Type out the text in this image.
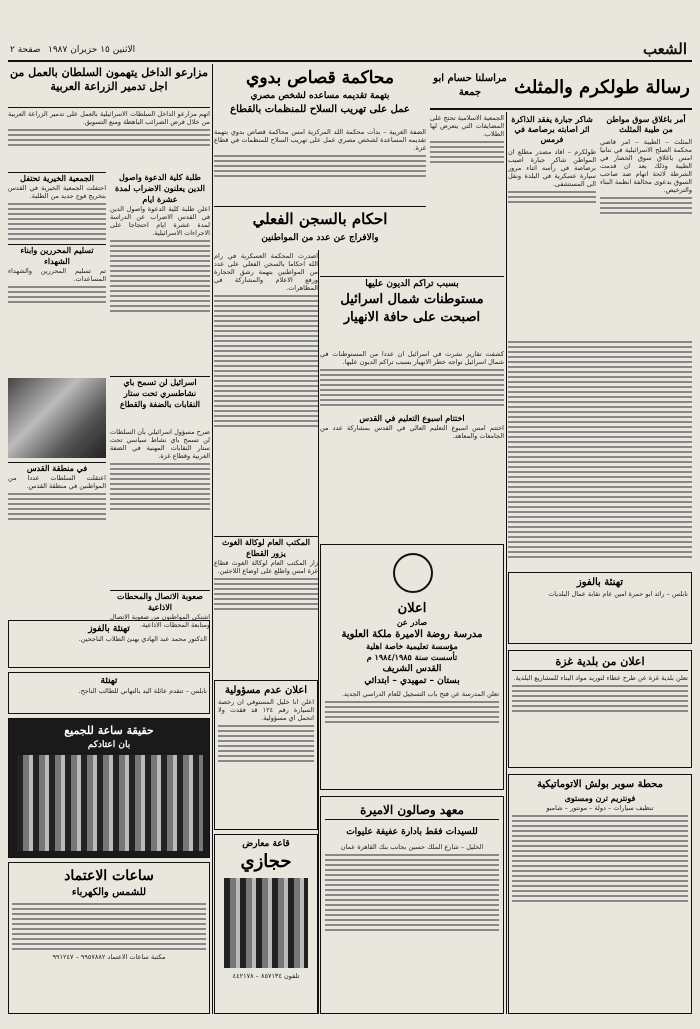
الشعب
الاثنين ١٥ حزيران ١٩٨٧
صفحة ٢
رسالة طولكرم والمثلث
مراسلنا حسام ابو جمعة
أمر باغلاق سوق مواطن من طيبة المثلث
المثلث – الطيبة – امر قاضي محكمة الصلح الاسرائيلية في نتانيا امس باغلاق سوق الخضار في الطيبة وذلك بعد ان قدمت الشرطة لائحة اتهام ضد صاحب السوق بدعوى مخالفة انظمة البناء والترخيص.
شاكر جبارة يفقد الذاكرة اثر اصابته برصاصة في فرمس
طولكرم – افاد مصدر مطلع ان المواطن شاكر جبارة اصيب برصاصة في رأسه اثناء مرور سيارة عسكرية في البلدة ونقل الى المستشفى.
الجمعية الاسلامية تحتج على المضايقات التي يتعرض لها الطلاب.
بسبب تراكم الديون عليها
مستوطنات شمال اسرائيل اصبحت على حافة الانهيار
كشفت تقارير نشرت في اسرائيل ان عددا من المستوطنات في شمال اسرائيل تواجه خطر الانهيار بسبب تراكم الديون عليها.
اختتام اسبوع التعليم في القدس
اختتم امس اسبوع التعليم العالي في القدس بمشاركة عدد من الجامعات والمعاهد.
تهنئة بالفوز
نابلس – رائد ابو حمرة امين عام نقابة عمال البلديات
اعلان من بلدية غزة
تعلن بلدية غزة عن طرح عطاء لتوريد مواد البناء للمشاريع البلدية.
محطة سوبر بولش الاتوماتيكية
فونتريم ترن ومستوى
تنظيف سيارات – دولة – مونتور – شامبو
اعلان
صادر عن
مدرسة روضة الاميرة ملكة العلوية
مؤسسة تعليمية خاصة اهلية
تأسست سنة ١٩٨٤/١٩٨٥ م
القدس الشريف
بستان – تمهيدي – ابتدائي
تعلن المدرسة عن فتح باب التسجيل للعام الدراسي الجديد.
معهد وصالون الاميرة
للسيدات فقط بادارة عفيفة عليوات
الخليل – شارع الملك حسين بجانب بنك القاهرة عمان
محاكمة قصاص بدوي
بتهمة تقديمه مساعده لشخص مصري
عمل على تهريب السلاح للمنظمات بالقطاع
الضفة الغربية – بدأت محكمة اللد المركزية امس محاكمة قصاص بدوي بتهمة تقديمه المساعدة لشخص مصري عمل على تهريب السلاح للمنظمات في قطاع غزة.
احكام بالسجن الفعلي
والافراج عن عدد من المواطنين
اصدرت المحكمة العسكرية في رام الله احكاما بالسجن الفعلي على عدد من المواطنين بتهمة رشق الحجارة ورفع الاعلام والمشاركة في المظاهرات.
المكتب العام لوكالة الغوث يزور القطاع
زار المكتب العام لوكالة الغوث قطاع غزة امس واطلع على اوضاع اللاجئين.
مزارعو الداخل يتهمون السلطان بالعمل من اجل تدمير الزراعة العربية
اتهم مزارعو الداخل السلطات الاسرائيلية بالعمل على تدمير الزراعة العربية من خلال فرض الضرائب الباهظة ومنع التسويق.
طلبة كلية الدعوة واصول الدين يعلنون الاضراب لمدة عشرة ايام
اعلن طلبة كلية الدعوة واصول الدين في القدس الاضراب عن الدراسة لمدة عشرة ايام احتجاجا على الاجراءات الاسرائيلية.
الجمعية الخيرية تحتفل
احتفلت الجمعية الخيرية في القدس بتخريج فوج جديد من الطلبة.
تسليم المحررين وابناء الشهداء
تم تسليم المحررين والشهداء المساعدات.
اسرائيل لن تسمح باي نشاطسري تحت ستار النقابات بالضفة والقطاع
صرح مسؤول اسرائيلي بأن السلطات لن تسمح باي نشاط سياسي تحت ستار النقابات المهنية في الضفة الغربية وقطاع غزة.
في منطقة القدس
اعتقلت السلطات عددا من المواطنين في منطقة القدس.
صعوبة الاتصال والمحطات الاذاعية
اشتكى المواطنون من صعوبة الاتصال ومتابعة المحطات الاذاعية.
تهنئة بالفوز
الدكتور محمد عبد الهادي يهنئ الطلاب الناجحين.
تهنئة
نابلس – تتقدم عائلة اليد بالتهاني للطالب الناجح.
حقيقة ساعة للجميع
بان اعتادكم
ساعات الاعتماد
للشمس والكهرباء
مكتبة ساعات الاعتماد ٩٩٥٧٨٨٢ – ٩٩١٢٤٧
اعلان عدم مسؤولية
اعلن انا خليل المستوفي ان رخصة السيارة رقم ١٢٤ قد فقدت ولا اتحمل اي مسؤولية.
قاعة معارض
حجازي
تلفون ٨٥٧١٣٤ – ٤٤٢١٧٨
